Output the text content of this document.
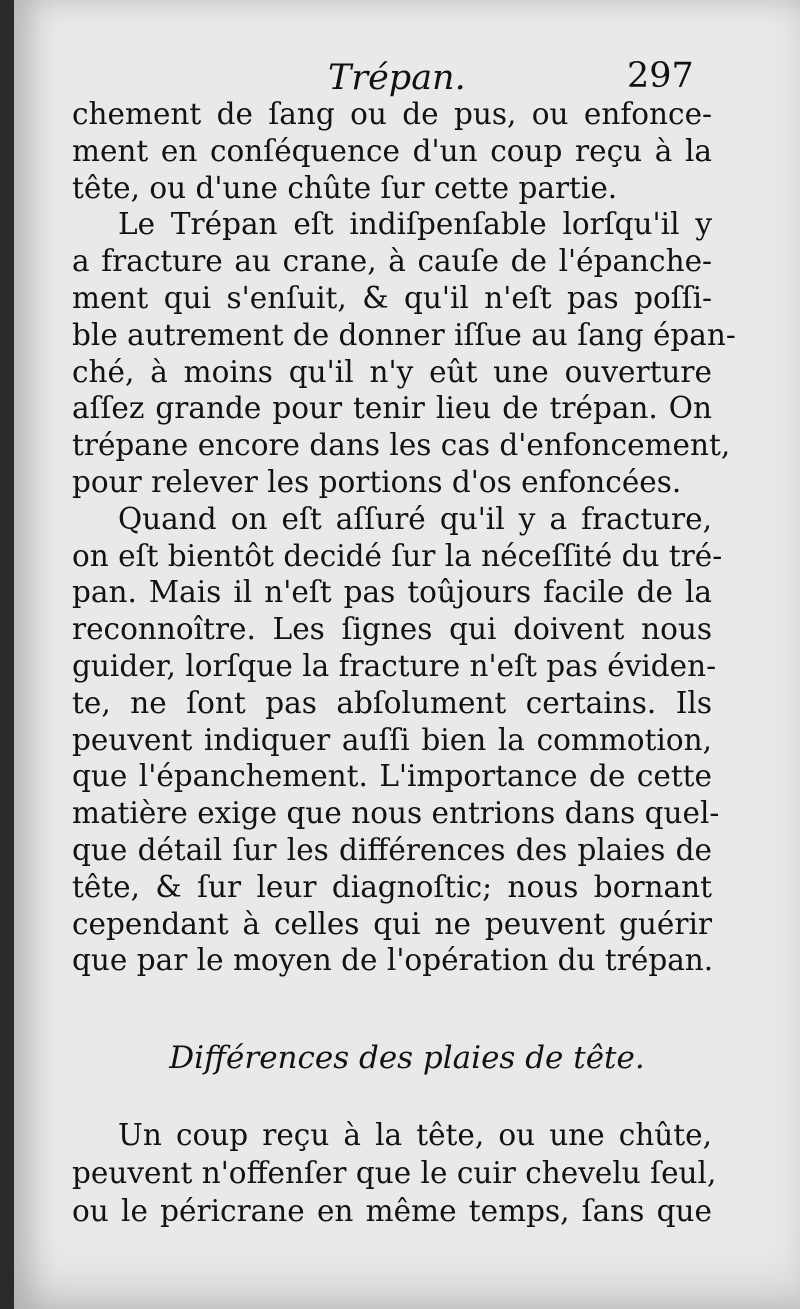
Trépan.	297
chement de ſang ou de pus, ou enfonce-
ment en conſéquence d'un coup reçu à la
tête, ou d'une chûte ſur cette partie.
Le Trépan eſt indiſpenſable lorſqu'il y
a fracture au crane, à cauſe de l'épanche-
ment qui s'enſuit, & qu'il n'eſt pas poſſi-
ble autrement de donner iſſue au ſang épan-
ché, à moins qu'il n'y eût une ouverture
aſſez grande pour tenir lieu de trépan. On
trépane encore dans les cas d'enfoncement,
pour relever les portions d'os enfoncées.
Quand on eſt aſſuré qu'il y a fracture,
on eſt bientôt decidé ſur la néceſſité du tré-
pan. Mais il n'eſt pas toûjours facile de la
reconnoître. Les ſignes qui doivent nous
guider, lorſque la fracture n'eſt pas éviden-
te, ne ſont pas abſolument certains. Ils
peuvent indiquer auſſi bien la commotion,
que l'épanchement. L'importance de cette
matière exige que nous entrions dans quel-
que détail ſur les différences des plaies de
tête, & ſur leur diagnoſtic; nous bornant
cependant à celles qui ne peuvent guérir
que par le moyen de l'opération du trépan.
Différences des plaies de tête.
Un coup reçu à la tête, ou une chûte,
peuvent n'offenſer que le cuir chevelu ſeul,
ou le péricrane en même temps, ſans que
